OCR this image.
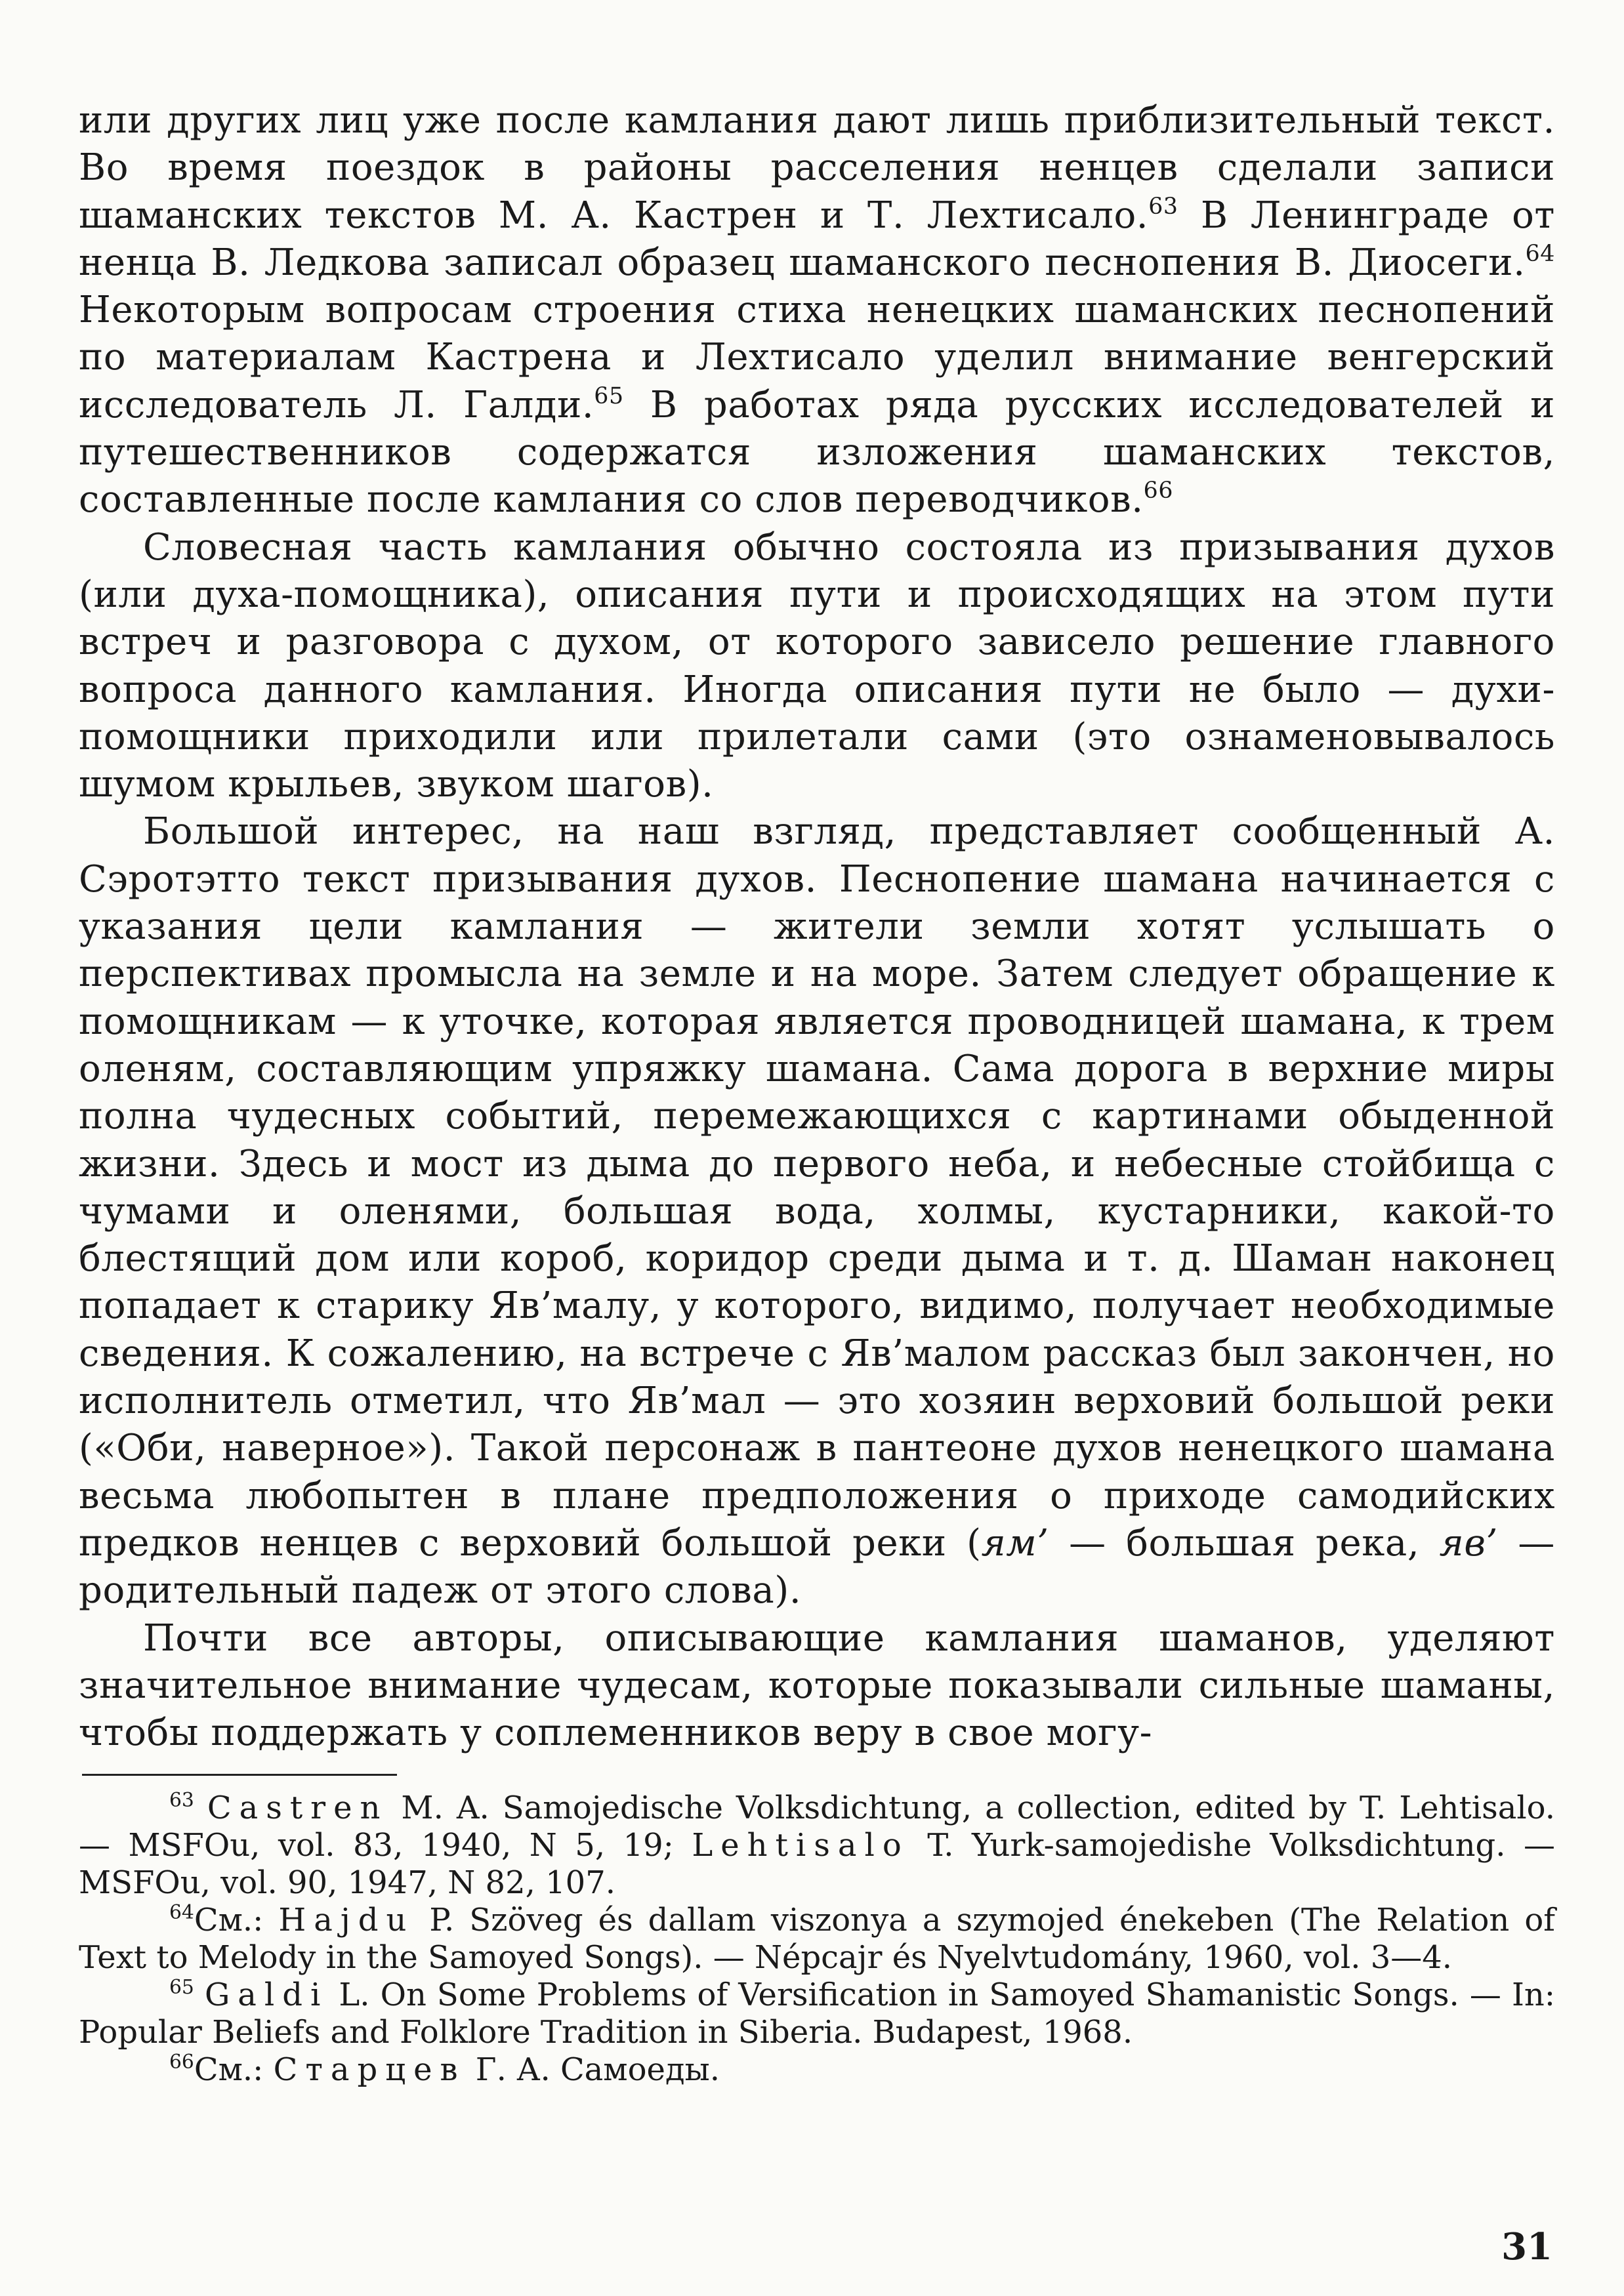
или других лиц уже после камлания дают лишь приблизительный текст. Во время поездок в районы расселения ненцев сделали записи шаманских текстов М. А. Кастрен и Т. Лехтисало.$^{63}$ В Ленинграде от ненца В. Ледкова записал образец шаманского песнопения В. Диосеги.$^{64}$ Некоторым вопросам строения стиха ненецких шаманских песнопений по материалам Кастрена и Лехтисало уделил внимание венгерский исследователь Л. Галди.$^{65}$ В работах ряда русских исследователей и путешественников содержатся изложения шаманских текстов, составленные после камлания со слов переводчиков.$^{66}$

Словесная часть камлания обычно состояла из призывания духов (или духа-помощника), описания пути и происходящих на этом пути встреч и разговора с духом, от которого зависело решение главного вопроса данного камлания. Иногда описания пути не было — духи-помощники приходили или прилетали сами (это ознаменовывалось шумом крыльев, звуком шагов).

Большой интерес, на наш взгляд, представляет сообщенный А. Сэротэтто текст призывания духов. Песнопение шамана начинается с указания цели камлания — жители земли хотят услышать о перспективах промысла на земле и на море. Затем следует обращение к помощникам — к уточке, которая является проводницей шамана, к трем оленям, составляющим упряжку шамана. Сама дорога в верхние миры полна чудесных событий, перемежающихся с картинами обыденной жизни. Здесь и мост из дыма до первого неба, и небесные стойбища с чумами и оленями, большая вода, холмы, кустарники, какой-то блестящий дом или короб, коридор среди дыма и т. д. Шаман наконец попадает к старику Яв’малу, у которого, видимо, получает необходимые сведения. К сожалению, на встрече с Яв’малом рассказ был закончен, но исполнитель отметил, что Яв’мал — это хозяин верховий большой реки («Оби, наверное»). Такой персонаж в пантеоне духов ненецкого шамана весьма любопытен в плане предположения о приходе самодийских предков ненцев с верховий большой реки (ям’ — большая река, яв’ — родительный падеж от этого слова).

Почти все авторы, описывающие камлания шаманов, уделяют значительное внимание чудесам, которые показывали сильные шаманы, чтобы поддержать у соплеменников веру в свое могу-

$^{63}$ Castren M. A. Samojedische Volksdichtung, a collection, edited by T. Lehtisalo. — MSFOu, vol. 83, 1940, N 5, 19; Lehtisalo T. Yurk-samojedishe Volksdichtung. — MSFOu, vol. 90, 1947, N 82, 107.

$^{64}$См.: Hajdu P. Szöveg és dallam viszonya a szymojed énekeben (The Relation of Text to Melody in the Samoyed Songs). — Népcajr és Nyelvtudomány, 1960, vol. 3—4.

$^{65}$ Galdi L. On Some Problems of Versification in Samoyed Shamanistic Songs. — In: Popular Beliefs and Folklore Tradition in Siberia. Budapest, 1968.

$^{66}$См.: Старцев Г. А. Самоеды.

31
